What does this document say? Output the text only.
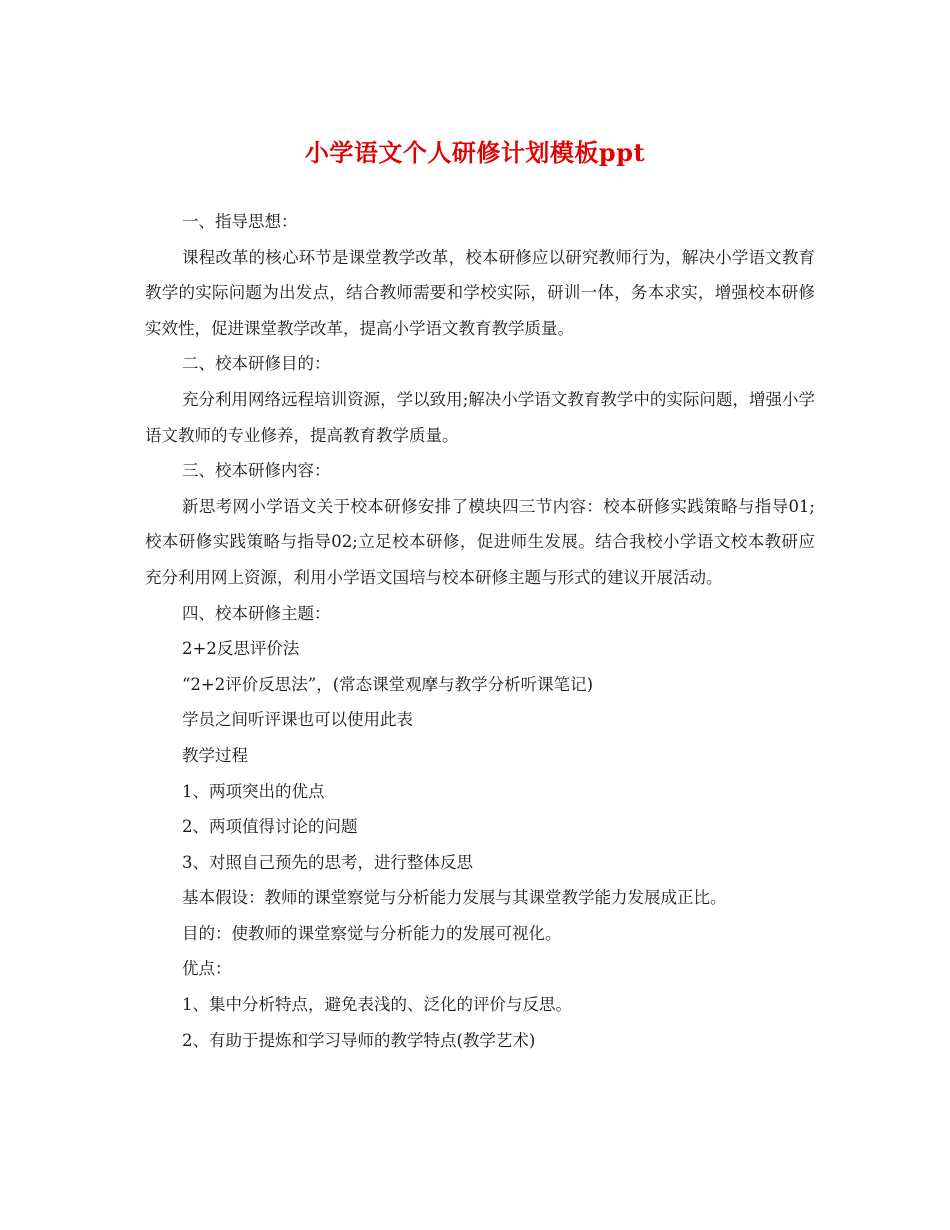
小学语文个人研修计划模板ppt

一、指导思想：

课程改革的核心环节是课堂教学改革，校本研修应以研究教师行为，解决小学语文教育教学的实际问题为出发点，结合教师需要和学校实际，研训一体，务本求实，增强校本研修实效性，促进课堂教学改革，提高小学语文教育教学质量。

二、校本研修目的：

充分利用网络远程培训资源，学以致用;解决小学语文教育教学中的实际问题，增强小学语文教师的专业修养，提高教育教学质量。

三、校本研修内容：

新思考网小学语文关于校本研修安排了模块四三节内容：校本研修实践策略与指导01;校本研修实践策略与指导02;立足校本研修，促进师生发展。结合我校小学语文校本教研应充分利用网上资源，利用小学语文国培与校本研修主题与形式的建议开展活动。

四、校本研修主题：

2+2反思评价法

“2+2评价反思法”，(常态课堂观摩与教学分析听课笔记)

学员之间听评课也可以使用此表

教学过程

1、两项突出的优点

2、两项值得讨论的问题

3、对照自己预先的思考，进行整体反思

基本假设：教师的课堂察觉与分析能力发展与其课堂教学能力发展成正比。

目的：使教师的课堂察觉与分析能力的发展可视化。

优点：

1、集中分析特点，避免表浅的、泛化的评价与反思。

2、有助于提炼和学习导师的教学特点(教学艺术)
